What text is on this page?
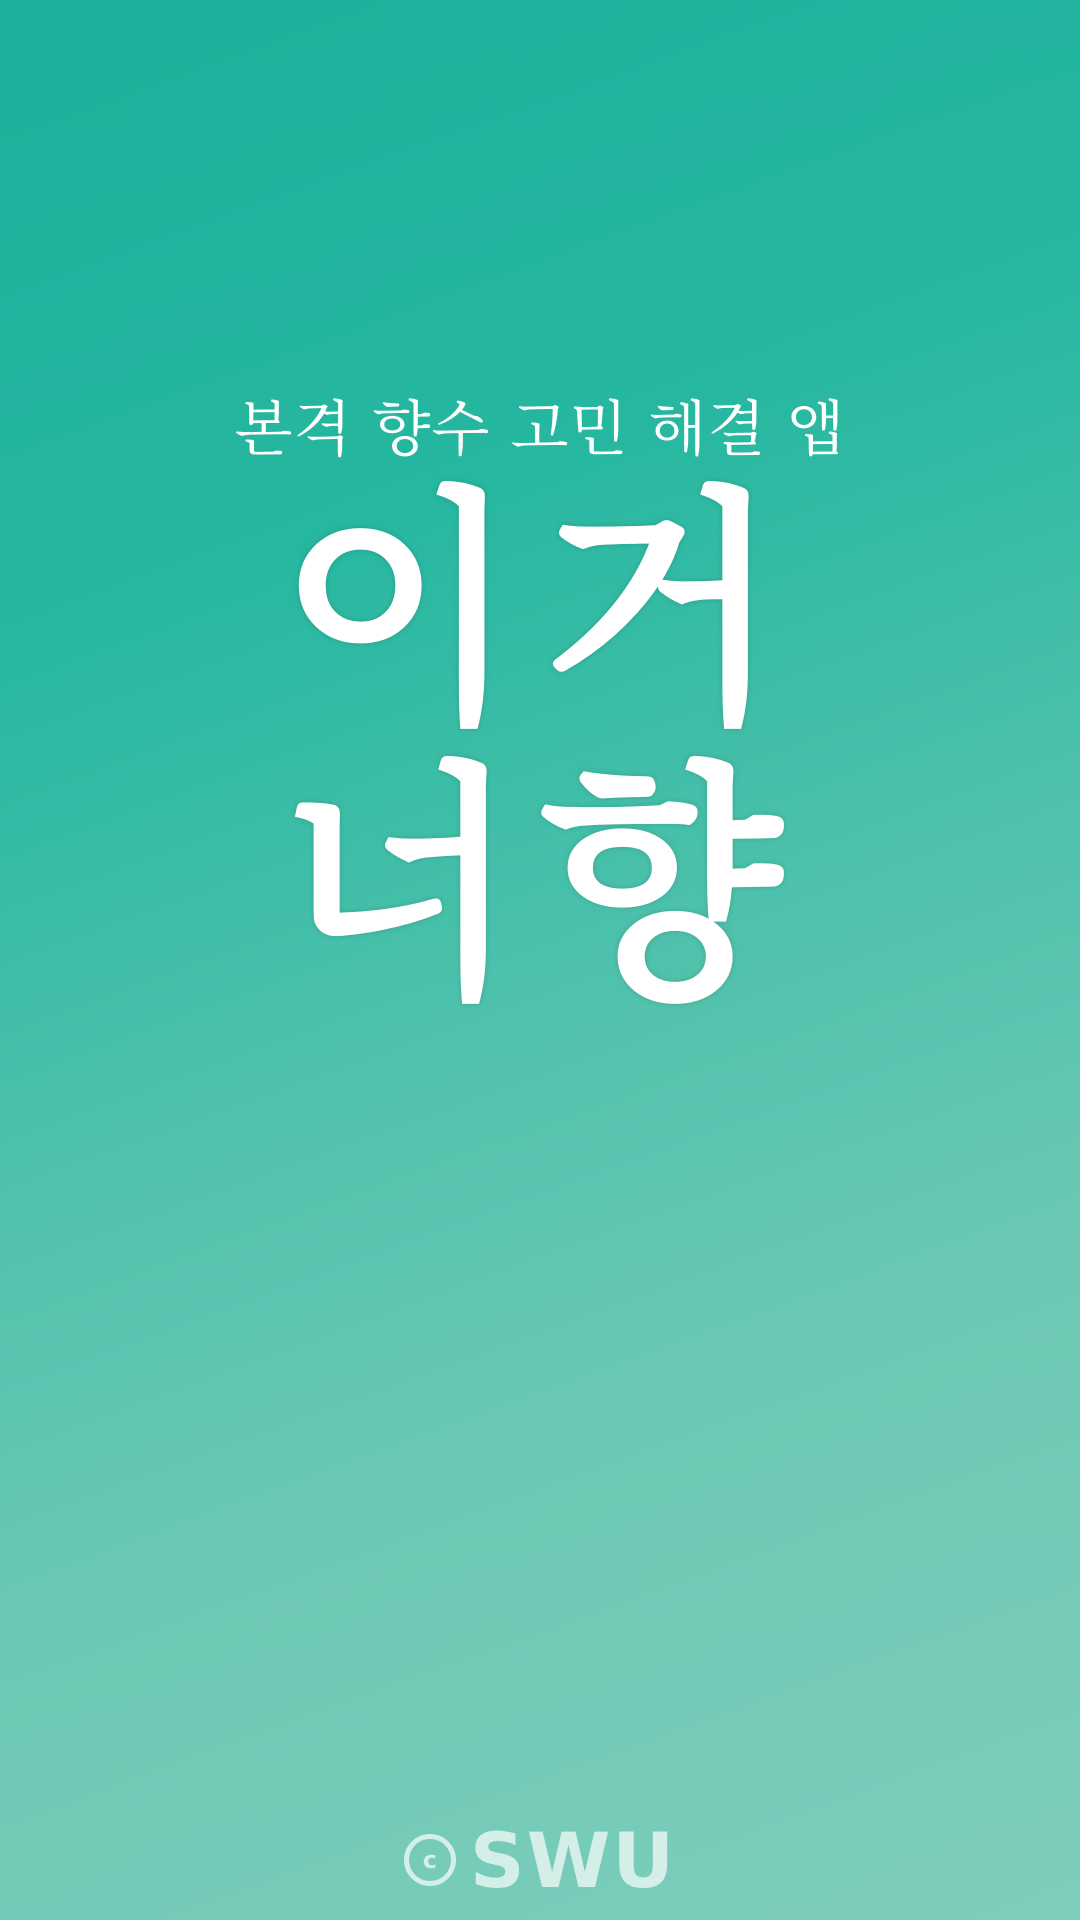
본격 향수 고민 해결 앱
이거
너향
c SWU
